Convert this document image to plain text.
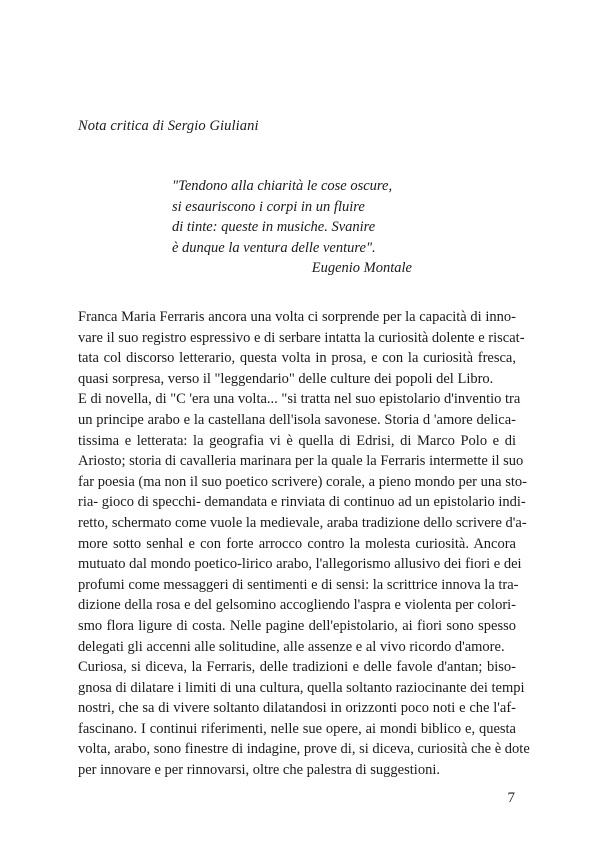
Nota critica di Sergio Giuliani
"Tendono alla chiarità le cose oscure,
si esauriscono i corpi in un fluire
di tinte: queste in musiche. Svanire
è dunque la ventura delle venture".
Eugenio Montale
Franca Maria Ferraris ancora una volta ci sorprende per la capacità di inno-
vare il suo registro espressivo e di serbare intatta la curiosità dolente e riscat-
tata col discorso letterario, questa volta in prosa, e con la curiosità fresca,
quasi sorpresa, verso il "leggendario" delle culture dei popoli del Libro.
E di novella, di "C 'era una volta... "si tratta nel suo epistolario d'inventio tra
un principe arabo e la castellana dell'isola savonese. Storia d 'amore delica-
tissima e letterata: la geografia vi è quella di Edrisi, di Marco Polo e di
Ariosto; storia di cavalleria marinara per la quale la Ferraris intermette il suo
far poesia (ma non il suo poetico scrivere) corale, a pieno mondo per una sto-
ria- gioco di specchi- demandata e rinviata di continuo ad un epistolario indi-
retto, schermato come vuole la medievale, araba tradizione dello scrivere d'a-
more sotto senhal e con forte arrocco contro la molesta curiosità. Ancora
mutuato dal mondo poetico-lirico arabo, l'allegorismo allusivo dei fiori e dei
profumi come messaggeri di sentimenti e di sensi: la scrittrice innova la tra-
dizione della rosa e del gelsomino accogliendo l'aspra e violenta per colori-
smo flora ligure di costa. Nelle pagine dell'epistolario, ai fiori sono spesso
delegati gli accenni alle solitudine, alle assenze e al vivo ricordo d'amore.
Curiosa, si diceva, la Ferraris, delle tradizioni e delle favole d'antan; biso-
gnosa di dilatare i limiti di una cultura, quella soltanto raziocinante dei tempi
nostri, che sa di vivere soltanto dilatandosi in orizzonti poco noti e che l'af-
fascinano. I continui riferimenti, nelle sue opere, ai mondi biblico e, questa
volta, arabo, sono finestre di indagine, prove di, si diceva, curiosità che è dote
per innovare e per rinnovarsi, oltre che palestra di suggestioni.
7
